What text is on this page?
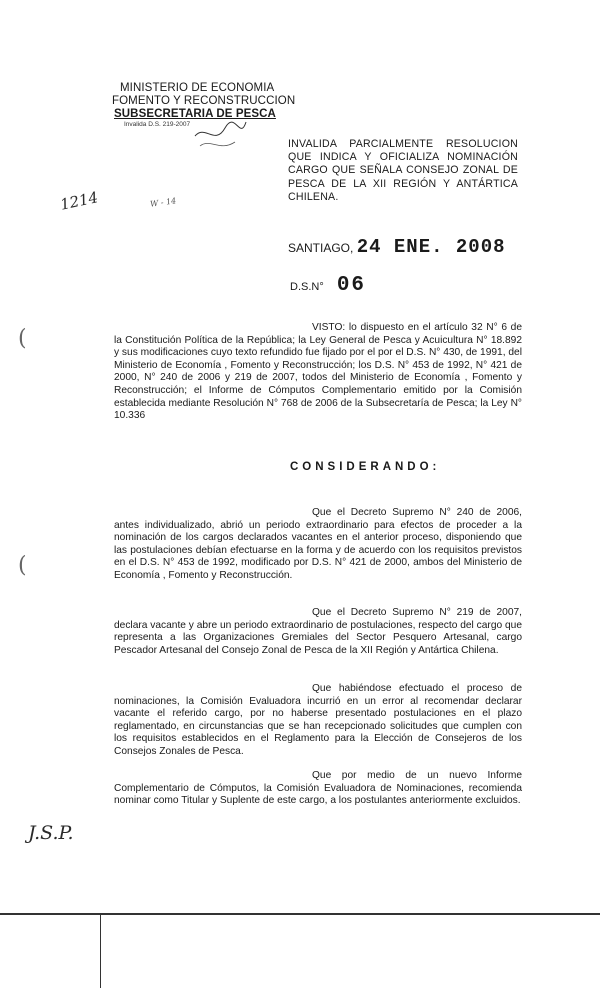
MINISTERIO DE ECONOMIA
FOMENTO Y RECONSTRUCCION
SUBSECRETARIA DE PESCA
Invalida D.S. 219-2007
INVALIDA PARCIALMENTE RESOLUCION QUE INDICA Y OFICIALIZA NOMINACIÓN CARGO QUE SEÑALA CONSEJO ZONAL DE PESCA DE LA XII REGIÓN Y ANTÁRTICA CHILENA.
SANTIAGO, 24 ENE. 2008
D.S.N° 06
VISTO: lo dispuesto en el artículo 32 N° 6 de la Constitución Política de la República; la Ley General de Pesca y Acuicultura N° 18.892 y sus modificaciones cuyo texto refundido fue fijado por el por el D.S. N° 430, de 1991, del Ministerio de Economía , Fomento y Reconstrucción; los D.S. N° 453 de 1992, N° 421 de 2000, N° 240 de 2006 y 219 de 2007, todos del Ministerio de Economía , Fomento y Reconstrucción; el Informe de Cómputos Complementario emitido por la Comisión establecida mediante Resolución N° 768 de 2006 de la Subsecretaría de Pesca; la Ley N° 10.336
CONSIDERANDO:
Que el Decreto Supremo N° 240 de 2006, antes individualizado, abrió un periodo extraordinario para efectos de proceder a la nominación de los cargos declarados vacantes en el anterior proceso, disponiendo que las postulaciones debían efectuarse en la forma y de acuerdo con los requisitos previstos en el D.S. N° 453 de 1992, modificado por D.S. N° 421 de 2000, ambos del Ministerio de Economía , Fomento y Reconstrucción.
Que el Decreto Supremo N° 219 de 2007, declara vacante y abre un periodo extraordinario de postulaciones, respecto del cargo que representa a las Organizaciones Gremiales del Sector Pesquero Artesanal, cargo Pescador Artesanal del Consejo Zonal de Pesca de la XII Región y Antártica Chilena.
Que habiéndose efectuado el proceso de nominaciones, la Comisión Evaluadora incurrió en un error al recomendar declarar vacante el referido cargo, por no haberse presentado postulaciones en el plazo reglamentado, en circunstancias que se han recepcionado solicitudes que cumplen con los requisitos establecidos en el Reglamento para la Elección de Consejeros de los Consejos Zonales de Pesca.
Que por medio de un nuevo Informe Complementario de Cómputos, la Comisión Evaluadora de Nominaciones, recomienda nominar como Titular y Suplente de este cargo, a los postulantes anteriormente excluidos.
1214	W - 14
J.S.P.
(
(
